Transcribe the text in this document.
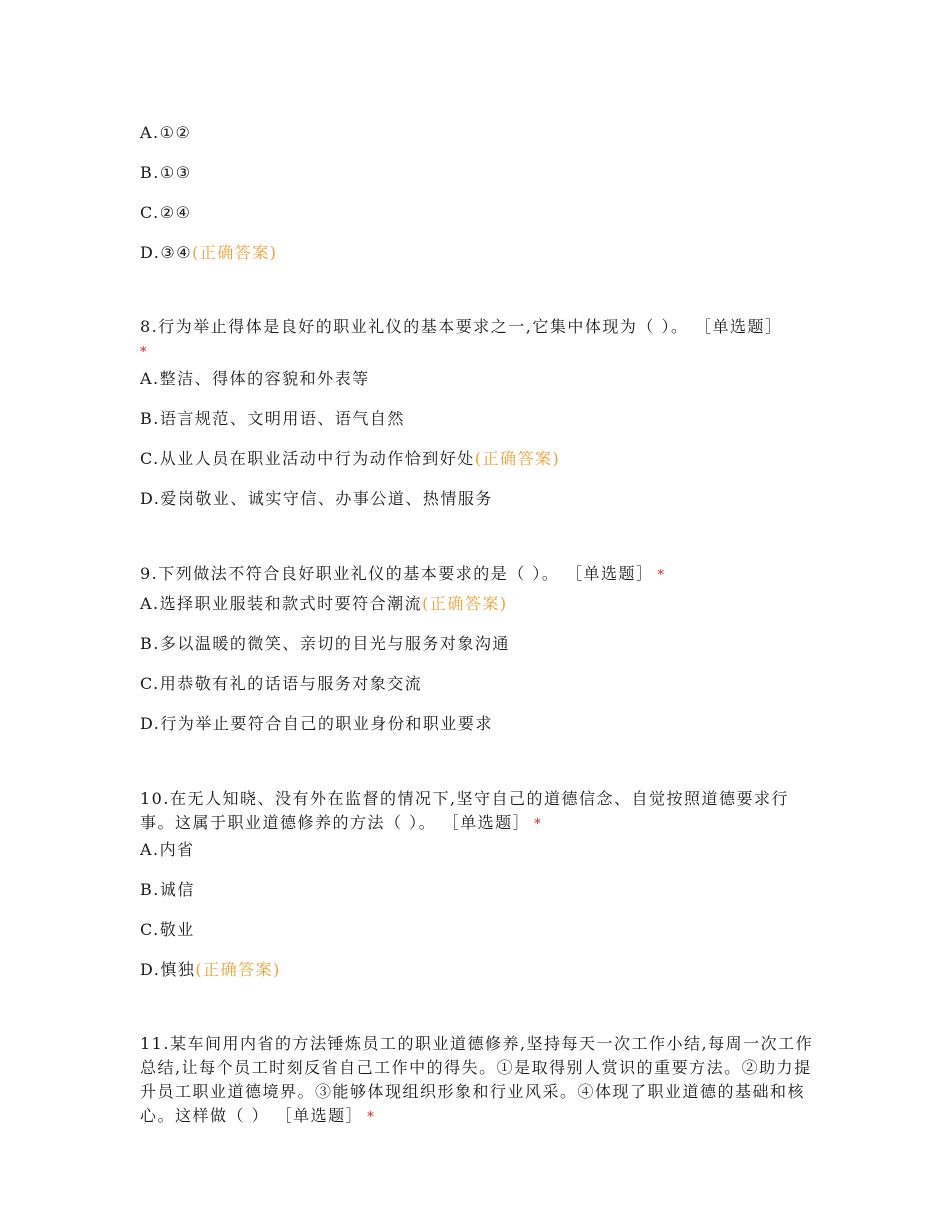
A.①②
B.①③
C.②④
D.③④(正确答案)
8.行为举止得体是良好的职业礼仪的基本要求之一,它集中体现为（ ）。 ［单选题］
*
A.整洁、得体的容貌和外表等
B.语言规范、文明用语、语气自然
C.从业人员在职业活动中行为动作恰到好处(正确答案)
D.爱岗敬业、诚实守信、办事公道、热情服务
9.下列做法不符合良好职业礼仪的基本要求的是（ ）。 ［单选题］ *
A.选择职业服装和款式时要符合潮流(正确答案)
B.多以温暖的微笑、亲切的目光与服务对象沟通
C.用恭敬有礼的话语与服务对象交流
D.行为举止要符合自己的职业身份和职业要求
10.在无人知晓、没有外在监督的情况下,坚守自己的道德信念、自觉按照道德要求行事。这属于职业道德修养的方法（ ）。 ［单选题］ *
A.内省
B.诚信
C.敬业
D.慎独(正确答案)
11.某车间用内省的方法锤炼员工的职业道德修养,坚持每天一次工作小结,每周一次工作总结,让每个员工时刻反省自己工作中的得失。①是取得别人赏识的重要方法。②助力提升员工职业道德境界。③能够体现组织形象和行业风采。④体现了职业道德的基础和核心。这样做（ ） ［单选题］ *
